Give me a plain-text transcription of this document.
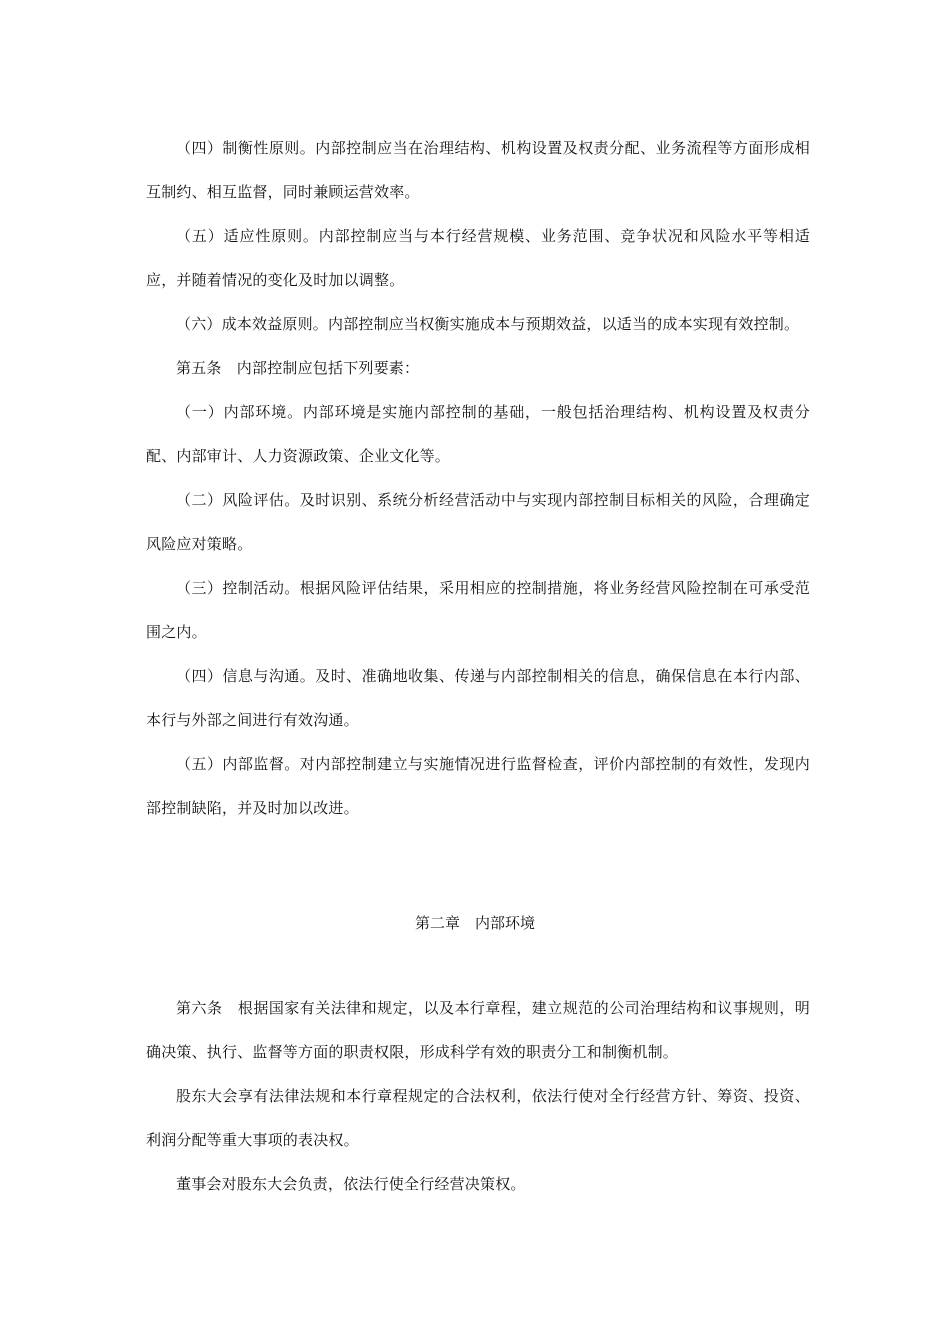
（四）制衡性原则。内部控制应当在治理结构、机构设置及权责分配、业务流程等方面形成相互制约、相互监督，同时兼顾运营效率。

（五）适应性原则。内部控制应当与本行经营规模、业务范围、竞争状况和风险水平等相适应，并随着情况的变化及时加以调整。

（六）成本效益原则。内部控制应当权衡实施成本与预期效益，以适当的成本实现有效控制。

第五条　内部控制应包括下列要素：

（一）内部环境。内部环境是实施内部控制的基础，一般包括治理结构、机构设置及权责分配、内部审计、人力资源政策、企业文化等。

（二）风险评估。及时识别、系统分析经营活动中与实现内部控制目标相关的风险，合理确定风险应对策略。

（三）控制活动。根据风险评估结果，采用相应的控制措施，将业务经营风险控制在可承受范围之内。

（四）信息与沟通。及时、准确地收集、传递与内部控制相关的信息，确保信息在本行内部、本行与外部之间进行有效沟通。

（五）内部监督。对内部控制建立与实施情况进行监督检查，评价内部控制的有效性，发现内部控制缺陷，并及时加以改进。

第二章　内部环境

第六条　根据国家有关法律和规定，以及本行章程，建立规范的公司治理结构和议事规则，明确决策、执行、监督等方面的职责权限，形成科学有效的职责分工和制衡机制。

股东大会享有法律法规和本行章程规定的合法权利，依法行使对全行经营方针、筹资、投资、利润分配等重大事项的表决权。

董事会对股东大会负责，依法行使全行经营决策权。
